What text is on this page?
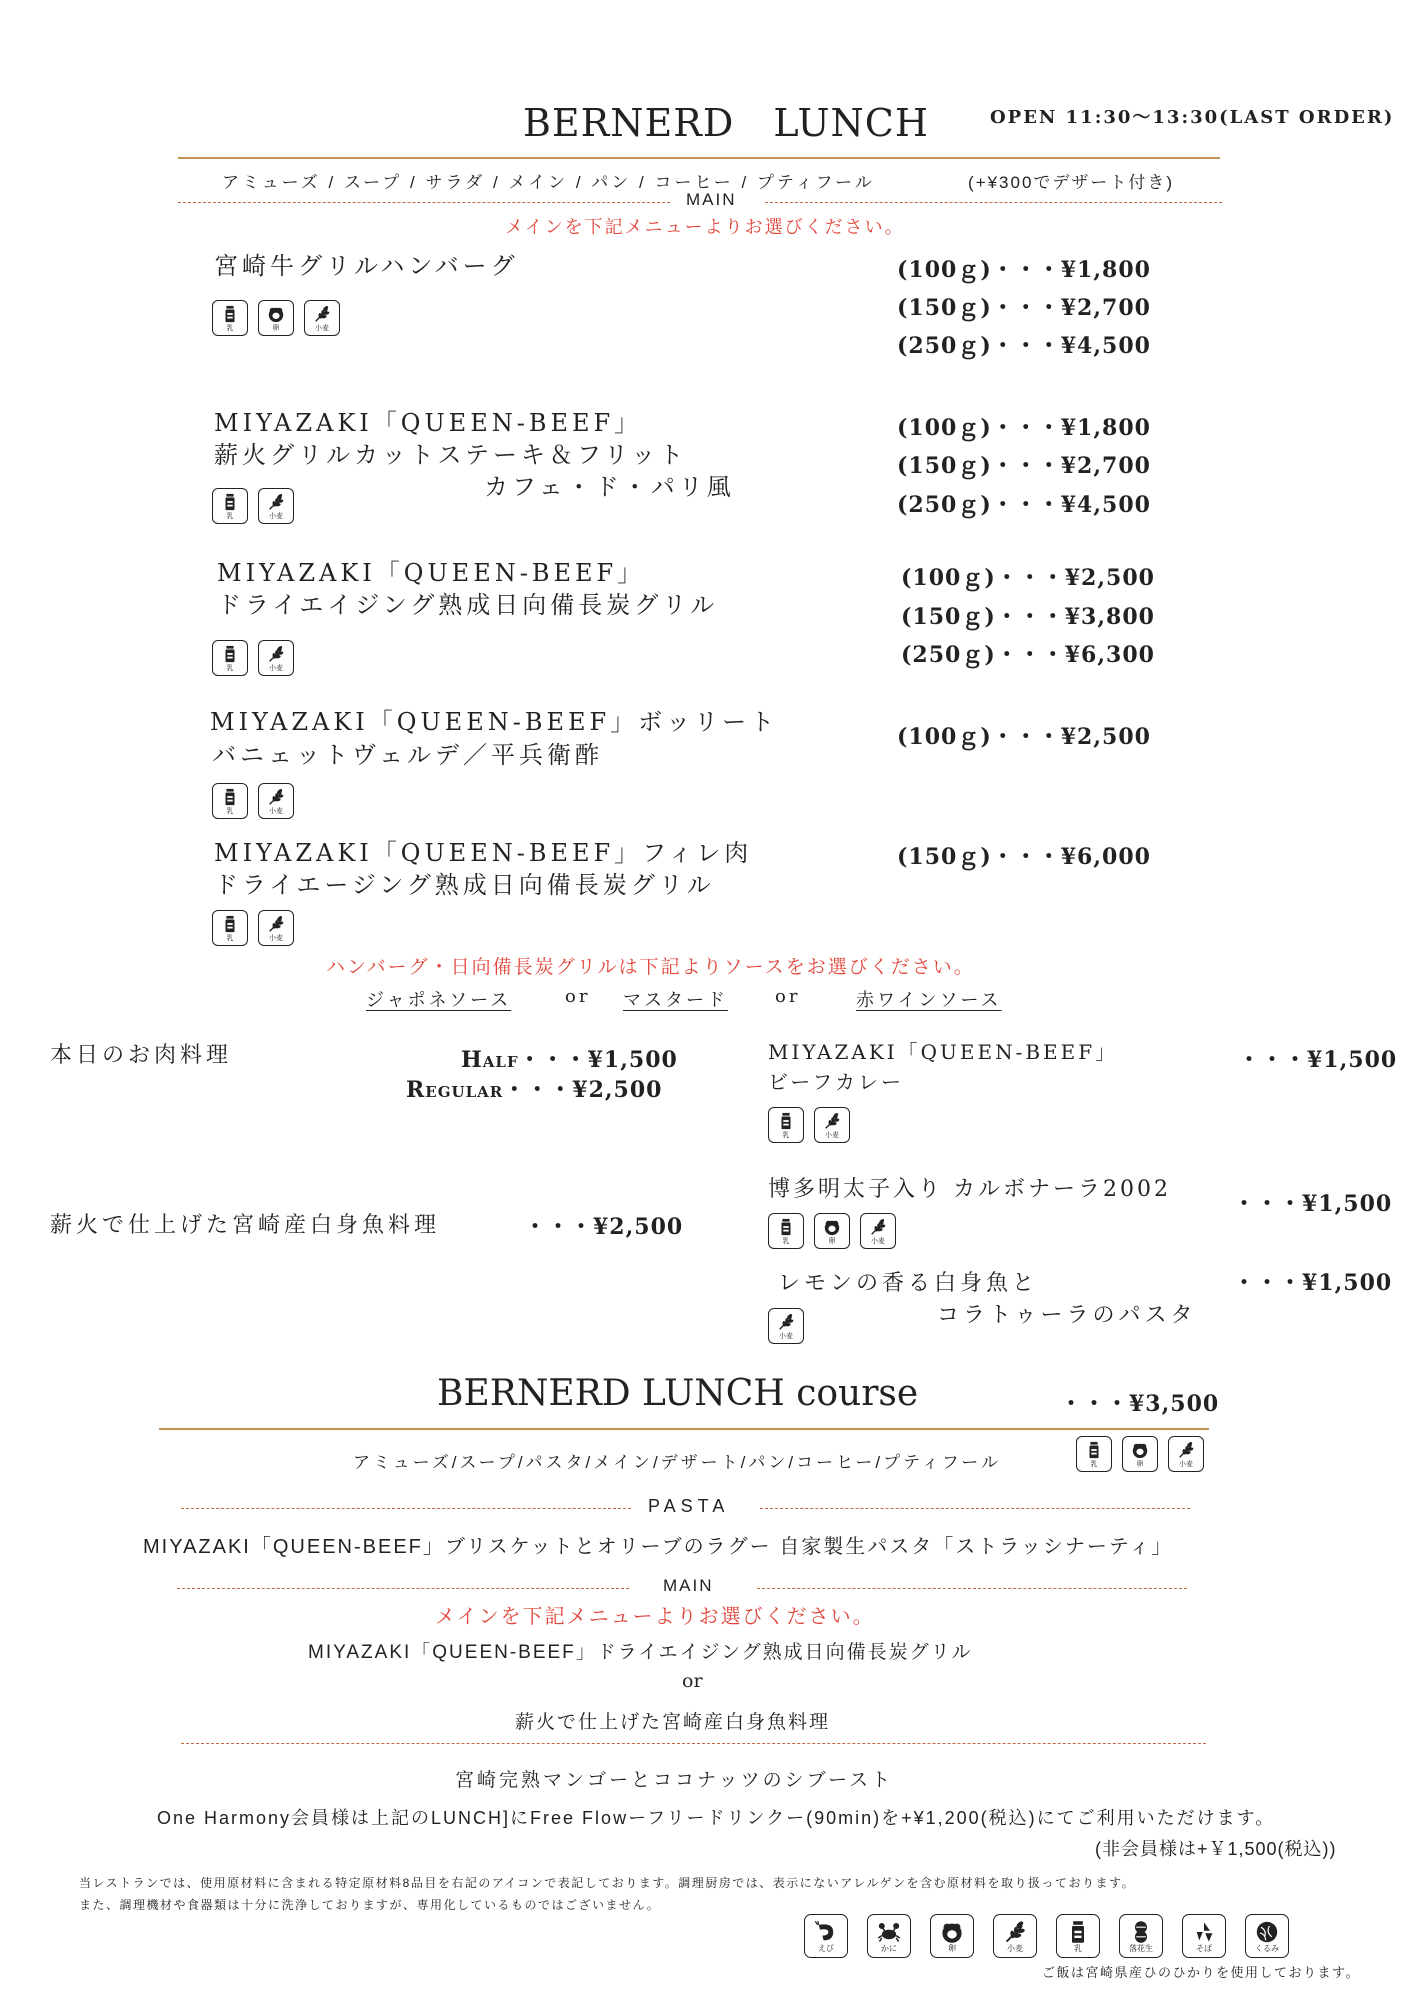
BERNERD　LUNCH	OPEN 11:30〜13:30(LAST ORDER)
アミューズ / スープ / サラダ / メイン / パン / コーヒー / プティフール	(+¥300でデザート付き)
MAIN
メインを下記メニューよりお選びください。
宮崎牛グリルハンバーグ
乳	卵	小麦
(100ｇ)・・・¥1,800
(150ｇ)・・・¥2,700
(250ｇ)・・・¥4,500
MIYAZAKI「QUEEN-BEEF」
薪火グリルカットステーキ＆フリット
カフェ・ド・パリ風
乳	小麦
(100ｇ)・・・¥1,800
(150ｇ)・・・¥2,700
(250ｇ)・・・¥4,500
MIYAZAKI「QUEEN-BEEF」
ドライエイジング熟成日向備長炭グリル
乳	小麦
(100ｇ)・・・¥2,500
(150ｇ)・・・¥3,800
(250ｇ)・・・¥6,300
MIYAZAKI「QUEEN-BEEF」ボッリート
バニェットヴェルデ／平兵衛酢
乳	小麦
(100ｇ)・・・¥2,500
MIYAZAKI「QUEEN-BEEF」フィレ肉
ドライエージング熟成日向備長炭グリル
乳	小麦
(150ｇ)・・・¥6,000
ハンバーグ・日向備長炭グリルは下記よりソースをお選びください。
ジャポネソース	or マスタード	or	赤ワインソース
本日のお肉料理	Half・・・¥1,500
Regular・・・¥2,500
薪火で仕上げた宮崎産白身魚料理	・・・¥2,500
MIYAZAKI「QUEEN-BEEF」
ビーフカレー
・・・¥1,500
乳	小麦
博多明太子入り カルボナーラ2002
・・・¥1,500
乳	卵	小麦
レモンの香る白身魚と
コラトゥーラのパスタ
・・・¥1,500
小麦
BERNERD LUNCH course	・・・¥3,500
アミューズ/スープ/パスタ/メイン/デザート/パン/コーヒー/プティフール	乳	卵	小麦
PASTA
MIYAZAKI「QUEEN-BEEF」ブリスケットとオリーブのラグー 自家製生パスタ「ストラッシナーティ」
MAIN
メインを下記メニューよりお選びください。
MIYAZAKI「QUEEN-BEEF」ドライエイジング熟成日向備長炭グリル
or
薪火で仕上げた宮崎産白身魚料理
宮崎完熟マンゴーとココナッツのシブースト
One Harmony会員様は上記のLUNCH]にFree Flowーフリードリンクー(90min)を+¥1,200(税込)にてご利用いただけます。
(非会員様は+￥1,500(税込))
当レストランでは、使用原材料に含まれる特定原材料8品目を右記のアイコンで表記しております。調理厨房では、表示にないアレルゲンを含む原材料を取り扱っております。
また、調理機材や食器類は十分に洗浄しておりますが、専用化しているものではございません。
えび	かに	卵	小麦	乳	落花生	そば	くるみ
ご飯は宮崎県産ひのひかりを使用しております。
